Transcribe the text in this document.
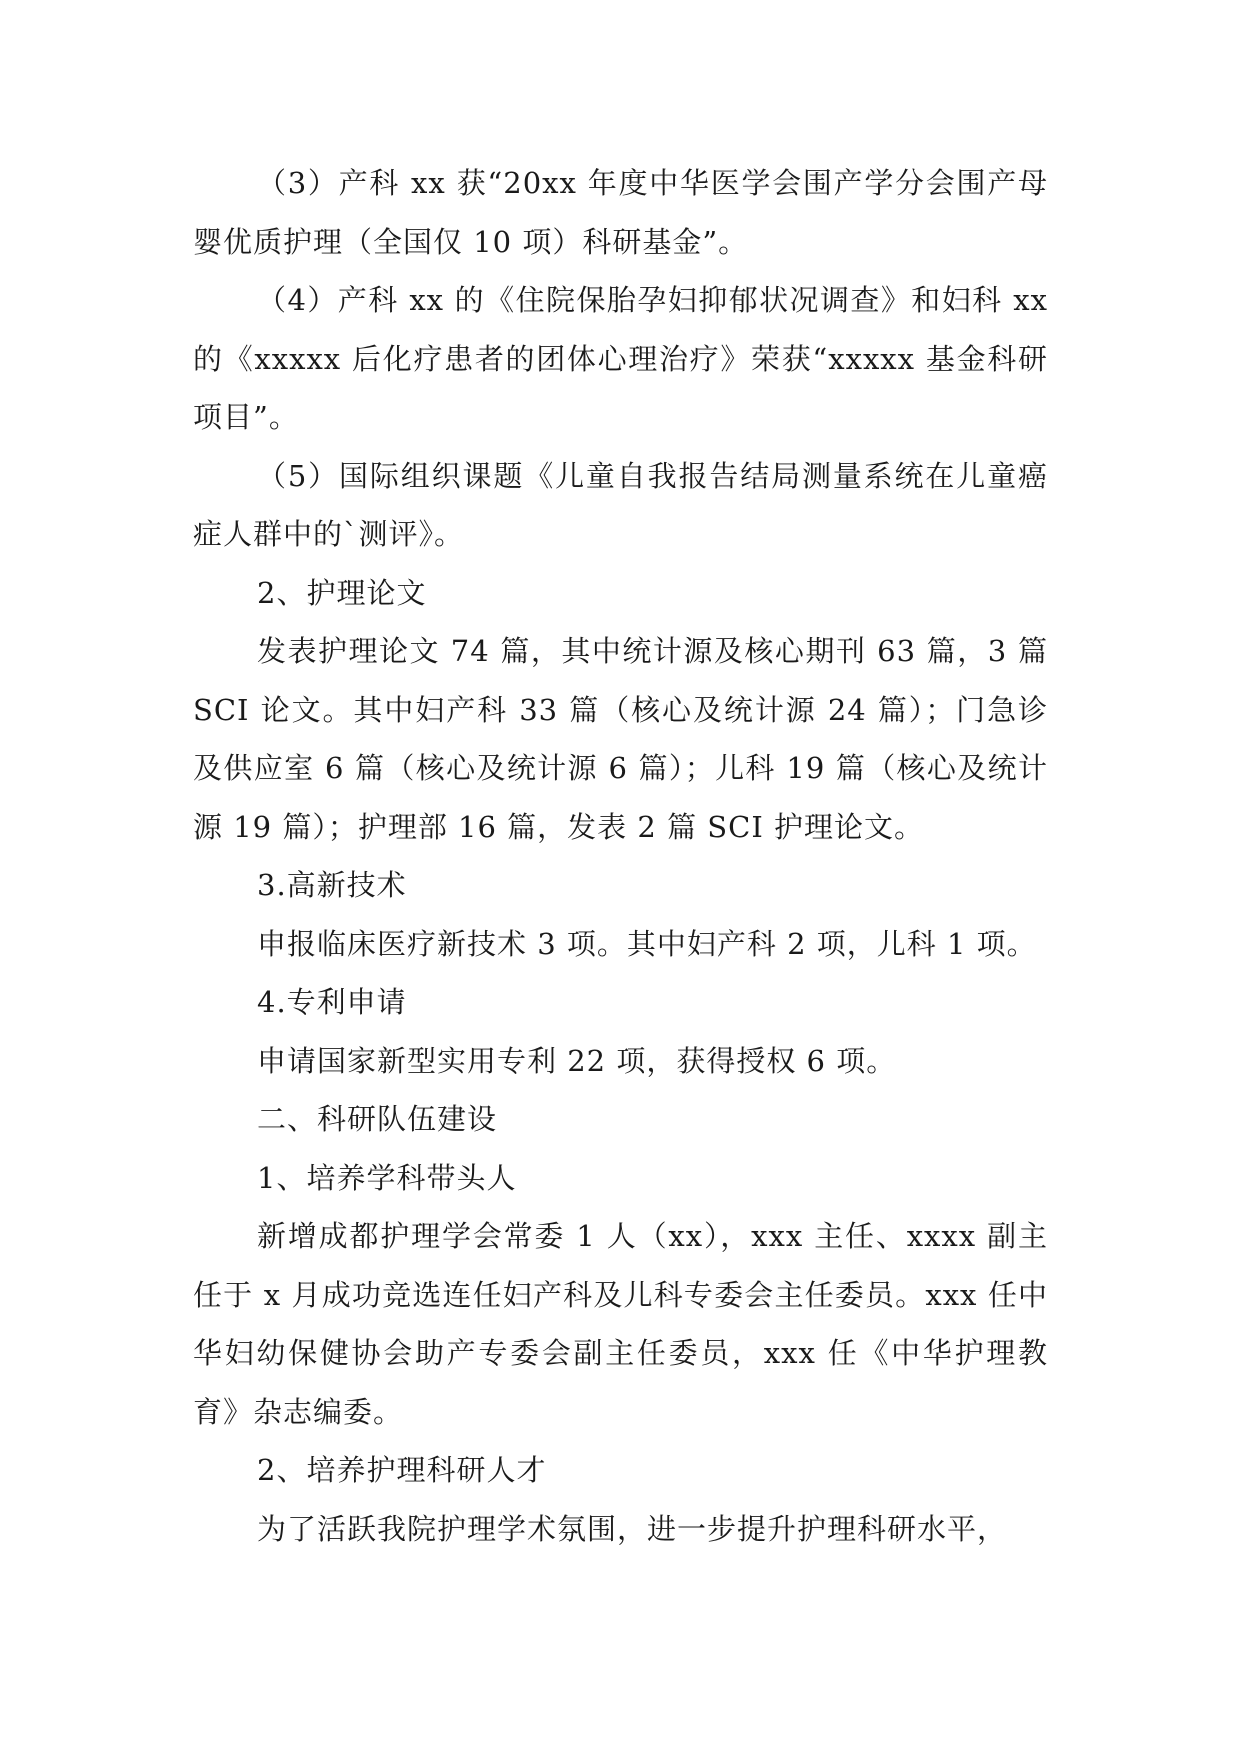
（3）产科 xx 获“20xx 年度中华医学会围产学分会围产母婴优质护理（全国仅 10 项）科研基金”。

（4）产科 xx 的《住院保胎孕妇抑郁状况调查》和妇科 xx 的《xxxxx 后化疗患者的团体心理治疗》荣获“xxxxx 基金科研项目”。

（5）国际组织课题《儿童自我报告结局测量系统在儿童癌症人群中的`测评》。

2、护理论文

发表护理论文 74 篇，其中统计源及核心期刊 63 篇，3 篇 SCI 论文。其中妇产科 33 篇（核心及统计源 24 篇）；门急诊及供应室 6 篇（核心及统计源 6 篇）；儿科 19 篇（核心及统计源 19 篇）；护理部 16 篇，发表 2 篇 SCI 护理论文。

3.高新技术

申报临床医疗新技术 3 项。其中妇产科 2 项，儿科 1 项。

4.专利申请

申请国家新型实用专利 22 项，获得授权 6 项。

二、科研队伍建设

1、培养学科带头人

新增成都护理学会常委 1 人（xx），xxx 主任、xxxx 副主任于 x 月成功竞选连任妇产科及儿科专委会主任委员。xxx 任中华妇幼保健协会助产专委会副主任委员，xxx 任《中华护理教育》杂志编委。

2、培养护理科研人才

为了活跃我院护理学术氛围，进一步提升护理科研水平，
